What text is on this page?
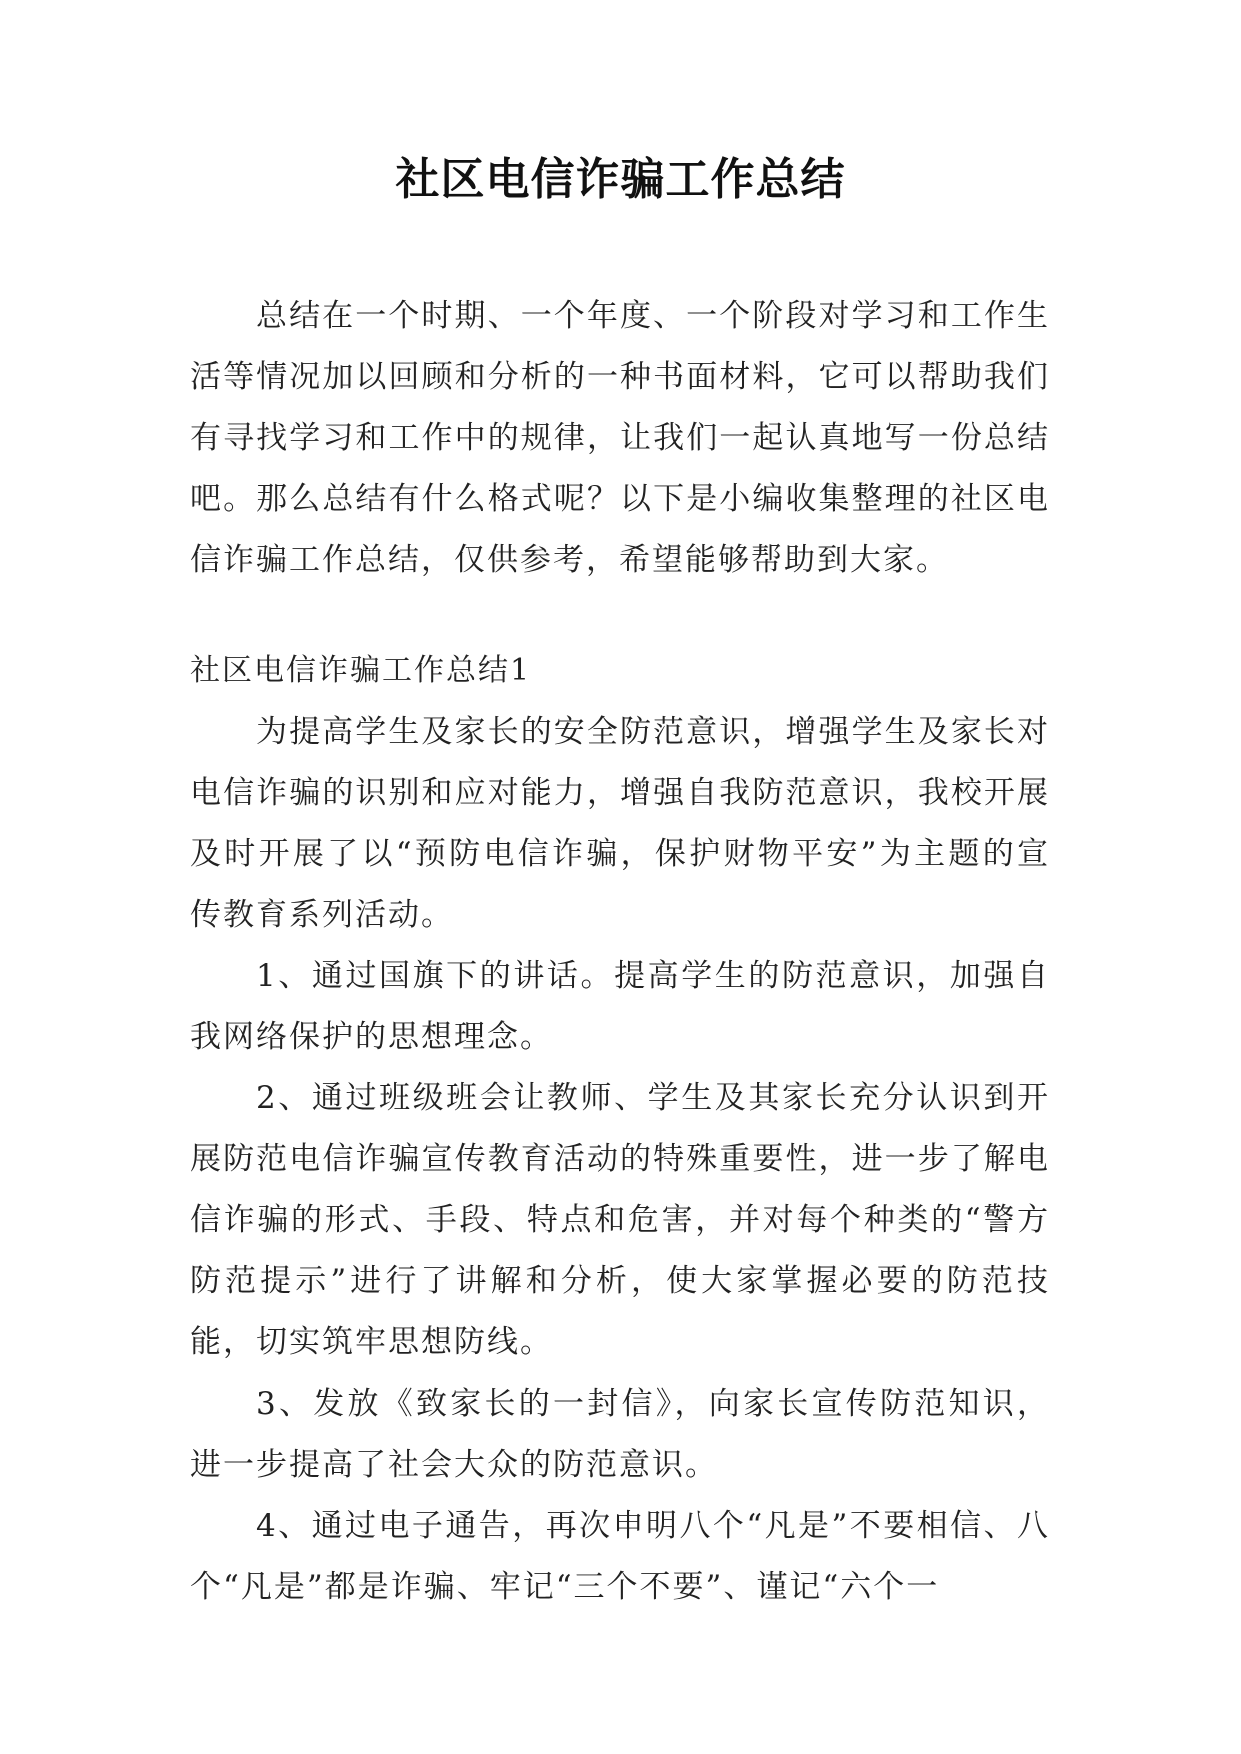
社区电信诈骗工作总结

总结在一个时期、一个年度、一个阶段对学习和工作生活等情况加以回顾和分析的一种书面材料，它可以帮助我们有寻找学习和工作中的规律，让我们一起认真地写一份总结吧。那么总结有什么格式呢？以下是小编收集整理的社区电信诈骗工作总结，仅供参考，希望能够帮助到大家。

社区电信诈骗工作总结1

为提高学生及家长的安全防范意识，增强学生及家长对电信诈骗的识别和应对能力，增强自我防范意识，我校开展及时开展了以“预防电信诈骗，保护财物平安”为主题的宣传教育系列活动。

1、通过国旗下的讲话。提高学生的防范意识，加强自我网络保护的思想理念。

2、通过班级班会让教师、学生及其家长充分认识到开展防范电信诈骗宣传教育活动的特殊重要性，进一步了解电信诈骗的形式、手段、特点和危害，并对每个种类的“警方防范提示”进行了讲解和分析，使大家掌握必要的防范技能，切实筑牢思想防线。

3、发放《致家长的一封信》，向家长宣传防范知识，进一步提高了社会大众的防范意识。

4、通过电子通告，再次申明八个“凡是”不要相信、八个“凡是”都是诈骗、牢记“三个不要”、谨记“六个一
